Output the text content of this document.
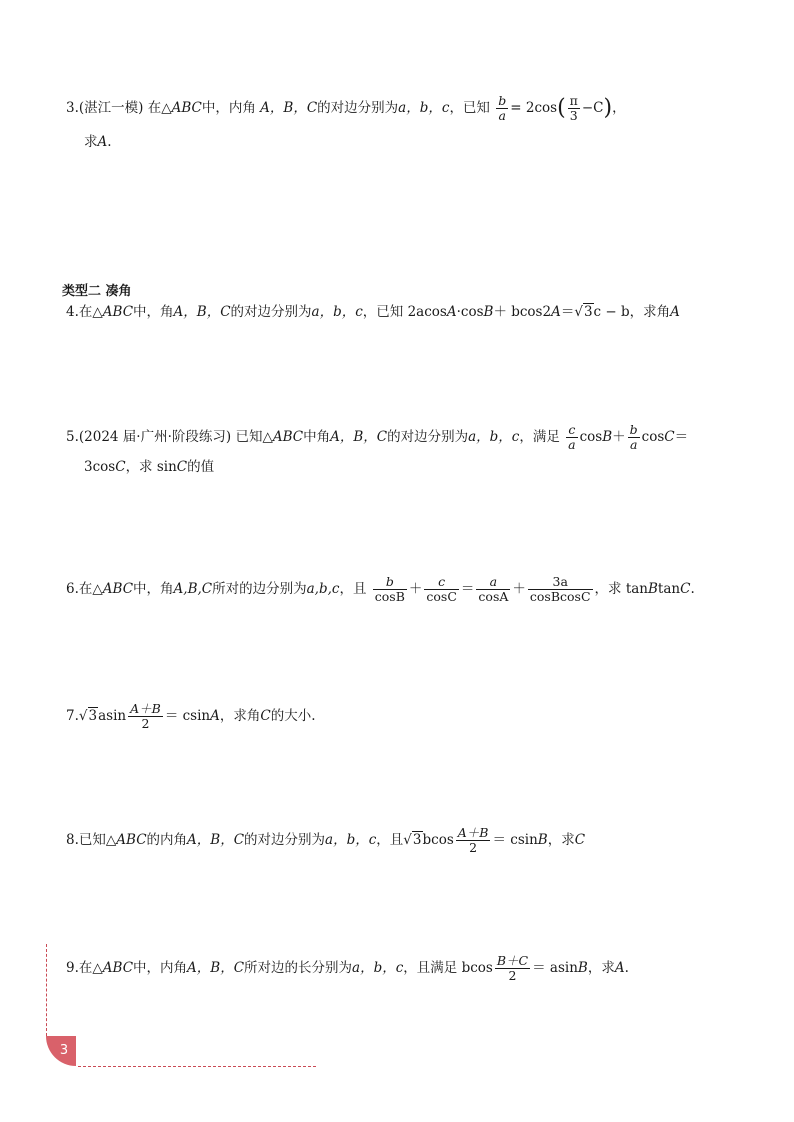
3.(湛江一模) 在△ABC中，内角 A，B，C的对边分别为a，b，c，已知 $\frac{b}{a} = 2\cos( \frac{\pi}{3} -C)$，
求A.
类型二 凑角
4.在△ABC中，角A，B，C的对边分别为a，b，c，已知 2acosA·cosB＋ bcos2A＝√3c − b，求角A
5.(2024 届·广州·阶段练习) 已知△ABC中角A，B，C的对边分别为a，b，c，满足 $\frac{c}{a} \cos B+ \frac{b}{a} \cos C=$
3cosC，求 sinC的值
6.在△ABC中，角A,B,C所对的边分别为a,b,c，且 $\frac{b}{\cos B} + \frac{c}{\cos C} = \frac{a}{\cos A} + \frac{3a}{\text{cosBcosC}}$ ，求 tanBtanC.
$7.√3asin \frac{A+B}{2} = csinA$，求角C的大小.
8.已知△ABC的内角A，B，C的对边分别为a，b，c，且$√3bcos \frac{A+B}{2} = csinB$，求C
9.在△ABC中，内角A，B，C所对边的长分别为a，b，c，且满足 bcos $\frac{B+C}{2} = asinB$，求A.
3
